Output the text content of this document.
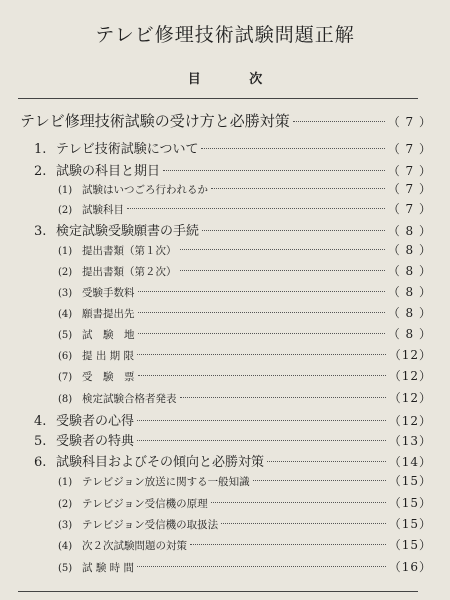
テレビ修理技術試験問題正解
目 次
テレビ修理技術試験の受け方と必勝対策	（ 7 ）
1. テレビ技術試験について	（ 7 ）
2. 試験の科目と期日	（ 7 ）
(1) 試験はいつごろ行われるか	（ 7 ）
(2) 試験科目	（ 7 ）
3. 検定試験受験願書の手続	（ 8 ）
(1) 提出書類（第１次）	（ 8 ）
(2) 提出書類（第２次）	（ 8 ）
(3) 受験手数料	（ 8 ）
(4) 願書提出先	（ 8 ）
(5) 試　験　地	（ 8 ）
(6) 提 出 期 限	（12）
(7) 受　験　票	（12）
(8) 検定試験合格者発表	（12）
4. 受験者の心得	（12）
5. 受験者の特典	（13）
6. 試験科目およびその傾向と必勝対策	（14）
(1) テレビジョン放送に関する一般知識	（15）
(2) テレビジョン受信機の原理	（15）
(3) テレビジョン受信機の取扱法	（15）
(4) 次２次試験問題の対策	（15）
(5) 試 験 時 間	（16）
